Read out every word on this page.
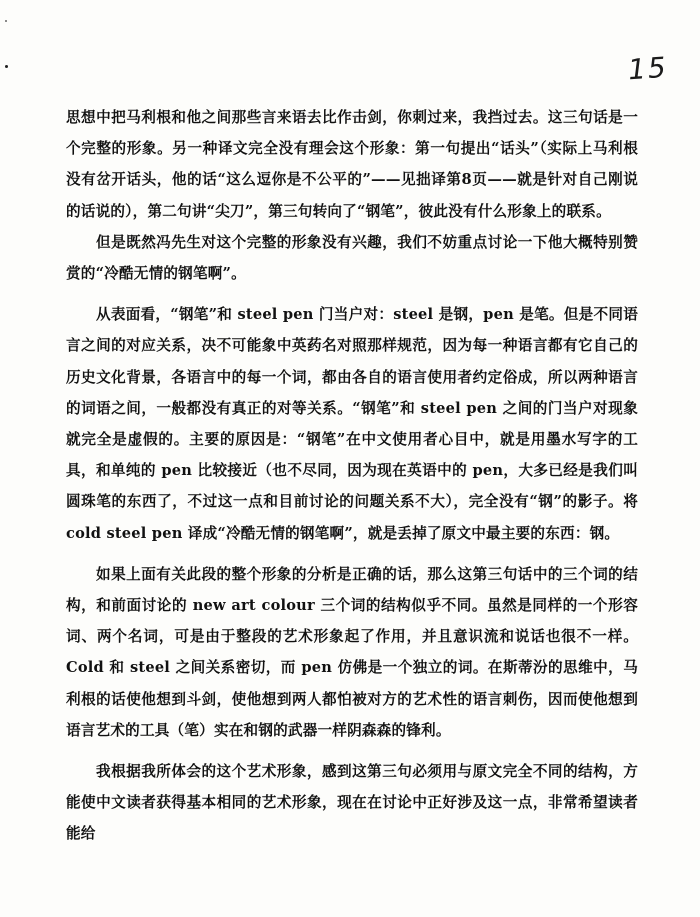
15

思想中把马利根和他之间那些言来语去比作击剑，你刺过来，我挡过去。这三句话是一个完整的形象。另一种译文完全没有理会这个形象：第一句提出“话头”（实际上马利根没有岔开话头，他的话“这么逗你是不公平的”——见拙译第8页——就是针对自己刚说的话说的），第二句讲“尖刀”，第三句转向了“钢笔”，彼此没有什么形象上的联系。

但是既然冯先生对这个完整的形象没有兴趣，我们不妨重点讨论一下他大概特别赞赏的“冷酷无情的钢笔啊”。

从表面看，“钢笔”和 steel pen 门当户对：steel 是钢，pen 是笔。但是不同语言之间的对应关系，决不可能象中英药名对照那样规范，因为每一种语言都有它自己的历史文化背景，各语言中的每一个词，都由各自的语言使用者约定俗成，所以两种语言的词语之间，一般都没有真正的对等关系。“钢笔”和 steel pen 之间的门当户对现象就完全是虚假的。主要的原因是：“钢笔”在中文使用者心目中，就是用墨水写字的工具，和单纯的 pen 比较接近（也不尽同，因为现在英语中的 pen，大多已经是我们叫圆珠笔的东西了，不过这一点和目前讨论的问题关系不大），完全没有“钢”的影子。将 cold steel pen 译成“冷酷无情的钢笔啊”，就是丢掉了原文中最主要的东西：钢。

如果上面有关此段的整个形象的分析是正确的话，那么这第三句话中的三个词的结构，和前面讨论的 new art colour 三个词的结构似乎不同。虽然是同样的一个形容词、两个名词，可是由于整段的艺术形象起了作用，并且意识流和说话也很不一样。Cold 和 steel 之间关系密切，而 pen 仿佛是一个独立的词。在斯蒂汾的思维中，马利根的话使他想到斗剑，使他想到两人都怕被对方的艺术性的语言刺伤，因而使他想到语言艺术的工具（笔）实在和钢的武器一样阴森森的锋利。

我根据我所体会的这个艺术形象，感到这第三句必须用与原文完全不同的结构，方能使中文读者获得基本相同的艺术形象，现在在讨论中正好涉及这一点，非常希望读者能给
